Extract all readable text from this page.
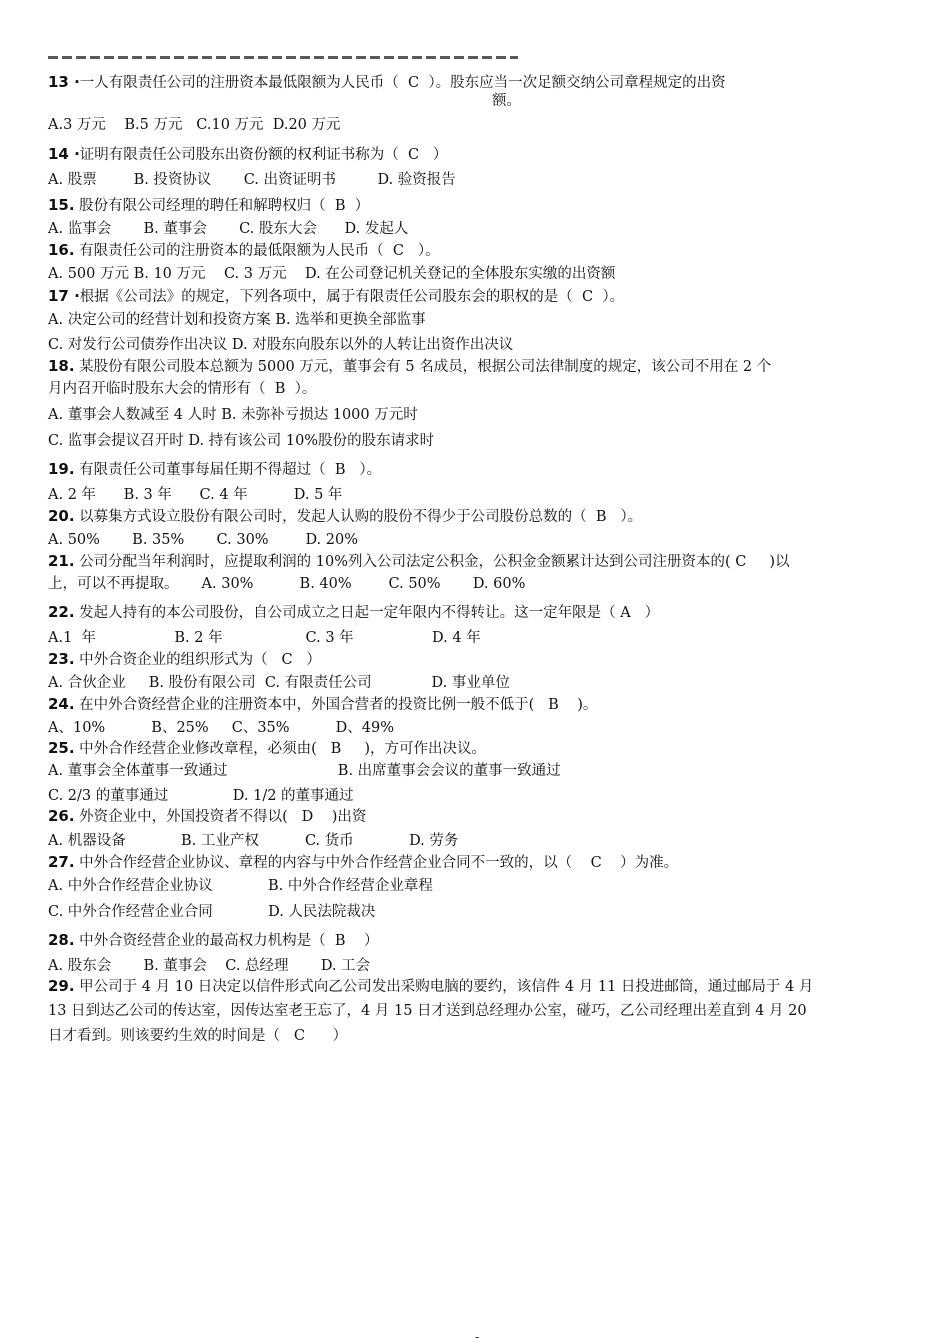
13 ·一人有限责任公司的注册资本最低限额为人民币（  C  ）。股东应当一次足额交纳公司章程规定的出资
额。
A.3 万元    B.5 万元   C.10 万元  D.20 万元
14 ·证明有限责任公司股东出资份额的权利证书称为（  C   ）
A. 股票        B. 投资协议       C. 出资证明书         D. 验资报告
15. 股份有限公司经理的聘任和解聘权归（  B  ）
A. 监事会       B. 董事会       C. 股东大会      D. 发起人
16. 有限责任公司的注册资本的最低限额为人民币（  C   ）。
A. 500 万元 B. 10 万元    C. 3 万元    D. 在公司登记机关登记的全体股东实缴的出资额
17 ·根据《公司法》的规定，下列各项中，属于有限责任公司股东会的职权的是（  C  ）。
A. 决定公司的经营计划和投资方案 B. 选举和更换全部监事
C. 对发行公司债券作出决议 D. 对股东向股东以外的人转让出资作出决议
18. 某股份有限公司股本总额为 5000 万元，董事会有 5 名成员，根据公司法律制度的规定，该公司不用在 2 个
月内召开临时股东大会的情形有（  B  ）。
A. 董事会人数减至 4 人时 B. 未弥补亏损达 1000 万元时
C. 监事会提议召开时 D. 持有该公司 10%股份的股东请求时
19. 有限责任公司董事每届任期不得超过（  B   ）。
A. 2 年      B. 3 年      C. 4 年          D. 5 年
20. 以募集方式设立股份有限公司时，发起人认购的股份不得少于公司股份总数的（  B   ）。
A. 50%       B. 35%       C. 30%        D. 20%
21. 公司分配当年利润时，应提取利润的 10%列入公司法定公积金，公积金金额累计达到公司注册资本的( C     )以
上，可以不再提取。     A. 30%          B. 40%        C. 50%       D. 60%
22. 发起人持有的本公司股份，自公司成立之日起一定年限内不得转让。这一定年限是（ A   ）
A.1  年                 B. 2 年                  C. 3 年                 D. 4 年
23. 中外合资企业的组织形式为（   C   ）
A. 合伙企业     B. 股份有限公司  C. 有限责任公司             D. 事业单位
24. 在中外合资经营企业的注册资本中，外国合营者的投资比例一般不低于(   B    )。
A、10%          B、25%     C、35%          D、49%
25. 中外合作经营企业修改章程，必须由(   B     )，方可作出决议。
A. 董事会全体董事一致通过                        B. 出席董事会会议的董事一致通过
C. 2/3 的董事通过              D. 1/2 的董事通过
26. 外资企业中，外国投资者不得以(   D    )出资
A. 机器设备            B. 工业产权          C. 货币            D. 劳务
27. 中外合作经营企业协议、章程的内容与中外合作经营企业合同不一致的，以（    C    ）为准。
A. 中外合作经营企业协议            B. 中外合作经营企业章程
C. 中外合作经营企业合同            D. 人民法院裁决
28. 中外合资经营企业的最高权力机构是（  B    ）
A. 股东会       B. 董事会    C. 总经理       D. 工会
29. 甲公司于 4 月 10 日决定以信件形式向乙公司发出采购电脑的要约，该信件 4 月 11 日投进邮筒，通过邮局于 4 月
13 日到达乙公司的传达室，因传达室老王忘了，4 月 15 日才送到总经理办公室，碰巧，乙公司经理出差直到 4 月 20
日才看到。则该要约生效的时间是（   C      ）
-
